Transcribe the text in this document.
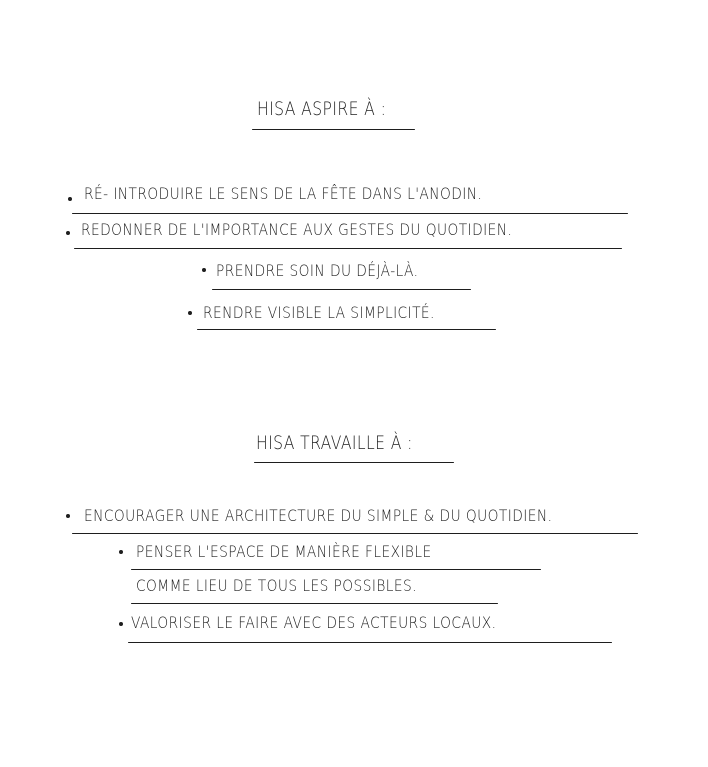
HISA ASPIRE À :
RÉ- INTRODUIRE LE SENS DE LA FÊTE DANS L'ANODIN.
REDONNER DE L'IMPORTANCE AUX GESTES DU QUOTIDIEN.
PRENDRE SOIN DU DÉJÀ-LÀ.
RENDRE VISIBLE LA SIMPLICITÉ.
HISA TRAVAILLE À :
ENCOURAGER UNE ARCHITECTURE DU SIMPLE & DU QUOTIDIEN.
PENSER L'ESPACE DE MANIÈRE FLEXIBLE
COMME LIEU DE TOUS LES POSSIBLES.
VALORISER LE FAIRE AVEC DES ACTEURS LOCAUX.
